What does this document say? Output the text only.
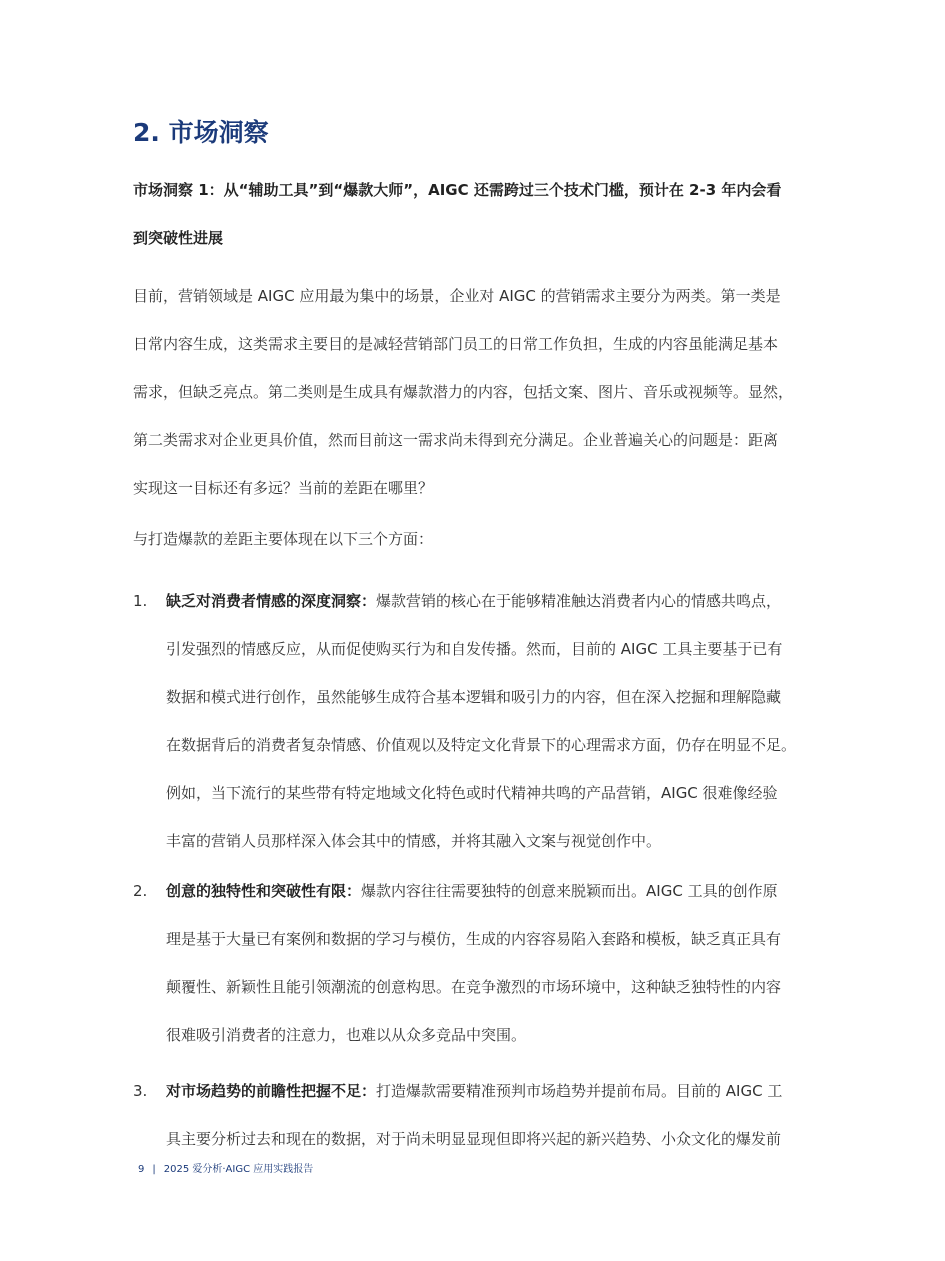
2. 市场洞察

市场洞察 1：从“辅助工具”到“爆款大师”，AIGC 还需跨过三个技术门槛，预计在 2-3 年内会看
到突破性进展

目前，营销领域是 AIGC 应用最为集中的场景，企业对 AIGC 的营销需求主要分为两类。第一类是
日常内容生成，这类需求主要目的是减轻营销部门员工的日常工作负担，生成的内容虽能满足基本
需求，但缺乏亮点。第二类则是生成具有爆款潜力的内容，包括文案、图片、音乐或视频等。显然，
第二类需求对企业更具价值，然而目前这一需求尚未得到充分满足。企业普遍关心的问题是：距离
实现这一目标还有多远？当前的差距在哪里？

与打造爆款的差距主要体现在以下三个方面：

1. 缺乏对消费者情感的深度洞察：爆款营销的核心在于能够精准触达消费者内心的情感共鸣点，
引发强烈的情感反应，从而促使购买行为和自发传播。然而，目前的 AIGC 工具主要基于已有
数据和模式进行创作，虽然能够生成符合基本逻辑和吸引力的内容，但在深入挖掘和理解隐藏
在数据背后的消费者复杂情感、价值观以及特定文化背景下的心理需求方面，仍存在明显不足。
例如，当下流行的某些带有特定地域文化特色或时代精神共鸣的产品营销，AIGC 很难像经验
丰富的营销人员那样深入体会其中的情感，并将其融入文案与视觉创作中。
2. 创意的独特性和突破性有限：爆款内容往往需要独特的创意来脱颖而出。AIGC 工具的创作原
理是基于大量已有案例和数据的学习与模仿，生成的内容容易陷入套路和模板，缺乏真正具有
颠覆性、新颖性且能引领潮流的创意构思。在竞争激烈的市场环境中，这种缺乏独特性的内容
很难吸引消费者的注意力，也难以从众多竞品中突围。
3. 对市场趋势的前瞻性把握不足：打造爆款需要精准预判市场趋势并提前布局。目前的 AIGC 工
具主要分析过去和现在的数据，对于尚未明显显现但即将兴起的新兴趋势、小众文化的爆发前
9 | 2025 爱分析·AIGC 应用实践报告
